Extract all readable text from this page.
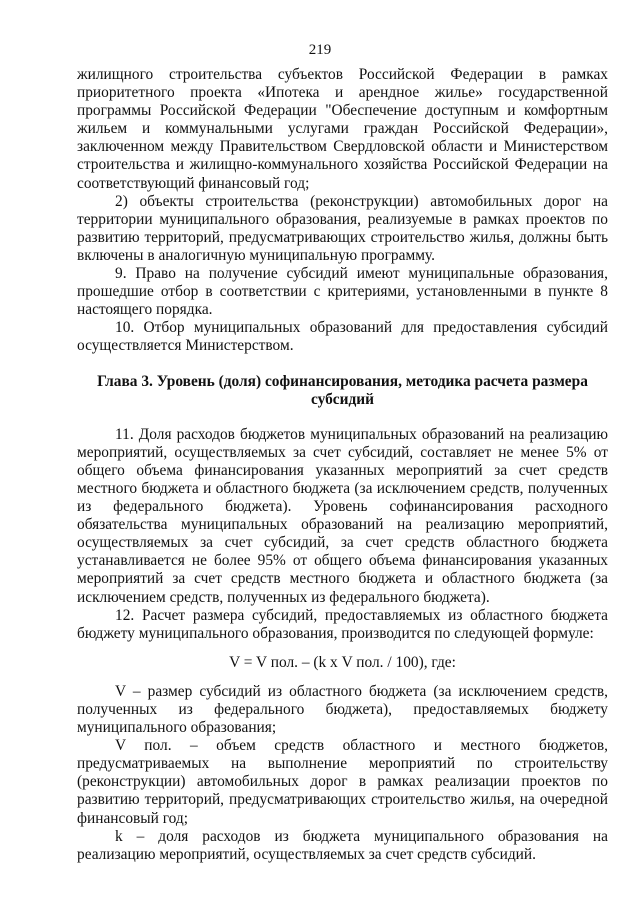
219

жилищного строительства субъектов Российской Федерации в рамках приоритетного проекта «Ипотека и арендное жилье» государственной программы Российской Федерации "Обеспечение доступным и комфортным жильем и коммунальными услугами граждан Российской Федерации», заключенном между Правительством Свердловской области и Министерством строительства и жилищно-коммунального хозяйства Российской Федерации на соответствующий финансовый год;

2) объекты строительства (реконструкции) автомобильных дорог на территории муниципального образования, реализуемые в рамках проектов по развитию территорий, предусматривающих строительство жилья, должны быть включены в аналогичную муниципальную программу.

9. Право на получение субсидий имеют муниципальные образования, прошедшие отбор в соответствии с критериями, установленными в пункте 8 настоящего порядка.

10. Отбор муниципальных образований для предоставления субсидий осуществляется Министерством.

Глава 3. Уровень (доля) софинансирования, методика расчета размера субсидий

11. Доля расходов бюджетов муниципальных образований на реализацию мероприятий, осуществляемых за счет субсидий, составляет не менее 5% от общего объема финансирования указанных мероприятий за счет средств местного бюджета и областного бюджета (за исключением средств, полученных из федерального бюджета). Уровень софинансирования расходного обязательства муниципальных образований на реализацию мероприятий, осуществляемых за счет субсидий, за счет средств областного бюджета устанавливается не более 95% от общего объема финансирования указанных мероприятий за счет средств местного бюджета и областного бюджета (за исключением средств, полученных из федерального бюджета).

12. Расчет размера субсидий, предоставляемых из областного бюджета бюджету муниципального образования, производится по следующей формуле:

V = V пол. – (k х V пол. / 100), где:

V – размер субсидий из областного бюджета (за исключением средств, полученных из федерального бюджета), предоставляемых бюджету муниципального образования;

V пол. – объем средств областного и местного бюджетов, предусматриваемых на выполнение мероприятий по строительству (реконструкции) автомобильных дорог в рамках реализации проектов по развитию территорий, предусматривающих строительство жилья, на очередной финансовый год;

k – доля расходов из бюджета муниципального образования на реализацию мероприятий, осуществляемых за счет средств субсидий.
